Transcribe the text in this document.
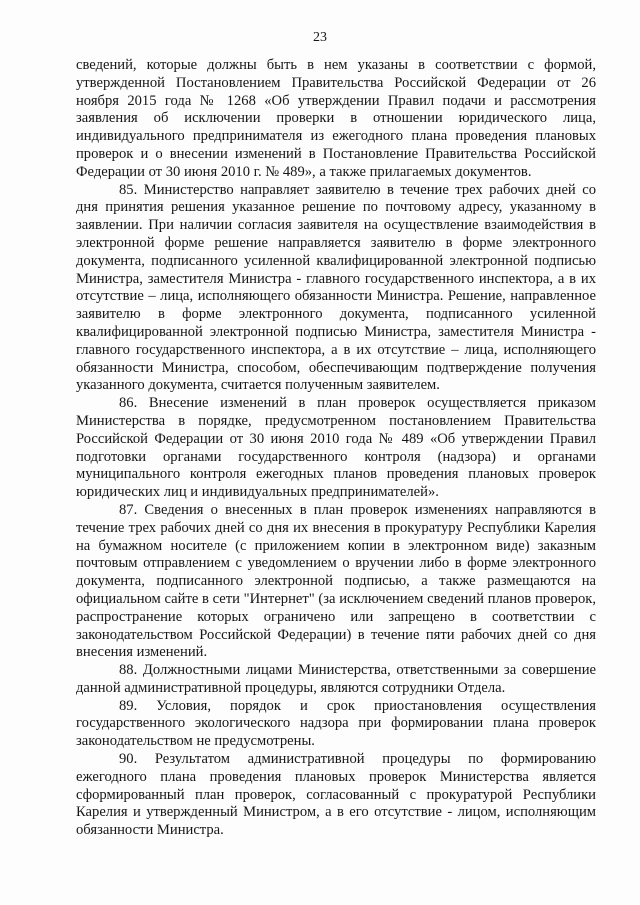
23

сведений, которые должны быть в нем указаны в соответствии с формой, утвержденной Постановлением Правительства Российской Федерации от 26 ноября 2015 года № 1268 «Об утверждении Правил подачи и рассмотрения заявления об исключении проверки в отношении юридического лица, индивидуального предпринимателя из ежегодного плана проведения плановых проверок и о внесении изменений в Постановление Правительства Российской Федерации от 30 июня 2010 г. № 489», а также прилагаемых документов.

85. Министерство направляет заявителю в течение трех рабочих дней со дня принятия решения указанное решение по почтовому адресу, указанному в заявлении. При наличии согласия заявителя на осуществление взаимодействия в электронной форме решение направляется заявителю в форме электронного документа, подписанного усиленной квалифицированной электронной подписью Министра, заместителя Министра - главного государственного инспектора, а в их отсутствие – лица, исполняющего обязанности Министра. Решение, направленное заявителю в форме электронного документа, подписанного усиленной квалифицированной электронной подписью Министра, заместителя Министра - главного государственного инспектора, а в их отсутствие – лица, исполняющего обязанности Министра, способом, обеспечивающим подтверждение получения указанного документа, считается полученным заявителем.

86. Внесение изменений в план проверок осуществляется приказом Министерства в порядке, предусмотренном постановлением Правительства Российской Федерации от 30 июня 2010 года № 489 «Об утверждении Правил подготовки органами государственного контроля (надзора) и органами муниципального контроля ежегодных планов проведения плановых проверок юридических лиц и индивидуальных предпринимателей».

87. Сведения о внесенных в план проверок изменениях направляются в течение трех рабочих дней со дня их внесения в прокуратуру Республики Карелия на бумажном носителе (с приложением копии в электронном виде) заказным почтовым отправлением с уведомлением о вручении либо в форме электронного документа, подписанного электронной подписью, а также размещаются на официальном сайте в сети "Интернет" (за исключением сведений планов проверок, распространение которых ограничено или запрещено в соответствии с законодательством Российской Федерации) в течение пяти рабочих дней со дня внесения изменений.

88. Должностными лицами Министерства, ответственными за совершение данной административной процедуры, являются сотрудники Отдела.

89. Условия, порядок и срок приостановления осуществления государственного экологического надзора при формировании плана проверок законодательством не предусмотрены.

90. Результатом административной процедуры по формированию ежегодного плана проведения плановых проверок Министерства является сформированный план проверок, согласованный с прокуратурой Республики Карелия и утвержденный Министром, а в его отсутствие - лицом, исполняющим обязанности Министра.
